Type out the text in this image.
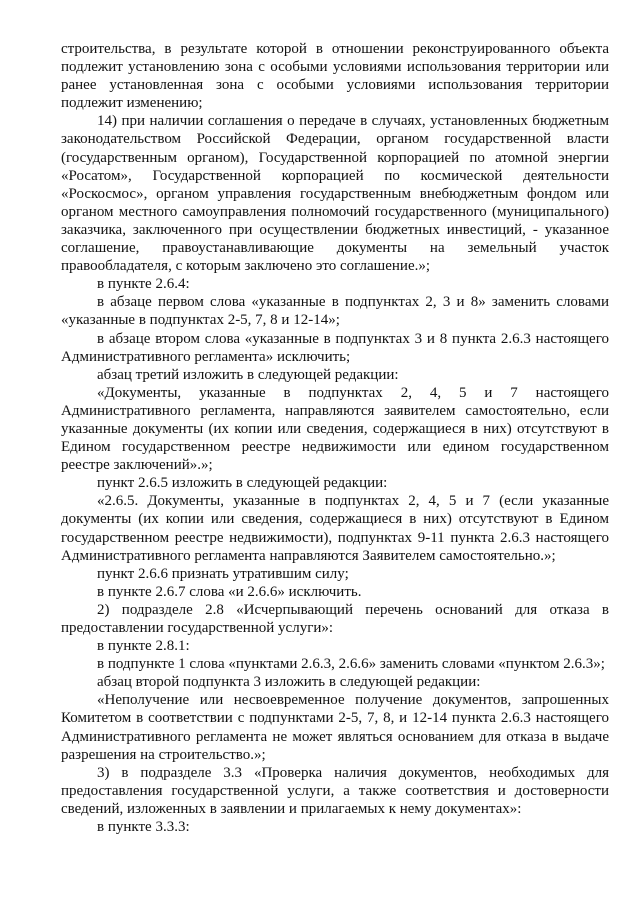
строительства, в результате которой в отношении реконструированного объекта подлежит установлению зона с особыми условиями использования территории или ранее установленная зона с особыми условиями использования территории подлежит изменению;

14) при наличии соглашения о передаче в случаях, установленных бюджетным законодательством Российской Федерации, органом государственной власти (государственным органом), Государственной корпорацией по атомной энергии «Росатом», Государственной корпорацией по космической деятельности «Роскосмос», органом управления государственным внебюджетным фондом или органом местного самоуправления полномочий государственного (муниципального) заказчика, заключенного при осуществлении бюджетных инвестиций, - указанное соглашение, правоустанавливающие документы на земельный участок правообладателя, с которым заключено это соглашение.»;

в пункте 2.6.4:

в абзаце первом слова «указанные в подпунктах 2, 3 и 8» заменить словами «указанные в подпунктах 2-5, 7, 8 и 12-14»;

в абзаце втором слова «указанные в подпунктах 3 и 8 пункта 2.6.3 настоящего Административного регламента» исключить;

абзац третий изложить в следующей редакции:

«Документы, указанные в подпунктах 2, 4, 5 и 7 настоящего Административного регламента, направляются заявителем самостоятельно, если указанные документы (их копии или сведения, содержащиеся в них) отсутствуют в Едином государственном реестре недвижимости или едином государственном реестре заключений».»;

пункт 2.6.5 изложить в следующей редакции:

«2.6.5. Документы, указанные в подпунктах 2, 4, 5 и 7 (если указанные документы (их копии или сведения, содержащиеся в них) отсутствуют в Едином государственном реестре недвижимости), подпунктах 9-11 пункта 2.6.3 настоящего Административного регламента направляются Заявителем самостоятельно.»;

пункт 2.6.6 признать утратившим силу;

в пункте 2.6.7 слова «и 2.6.6» исключить.

2) подразделе 2.8 «Исчерпывающий перечень оснований для отказа в предоставлении государственной услуги»:

в пункте 2.8.1:

в подпункте 1 слова «пунктами 2.6.3, 2.6.6» заменить словами «пунктом 2.6.3»;

абзац второй подпункта 3 изложить в следующей редакции:

«Неполучение или несвоевременное получение документов, запрошенных Комитетом в соответствии с подпунктами 2-5, 7, 8, и 12-14 пункта 2.6.3 настоящего Административного регламента не может являться основанием для отказа в выдаче разрешения на строительство.»;

3) в подразделе 3.3 «Проверка наличия документов, необходимых для предоставления государственной услуги, а также соответствия и достоверности сведений, изложенных в заявлении и прилагаемых к нему документах»:

в пункте 3.3.3:
